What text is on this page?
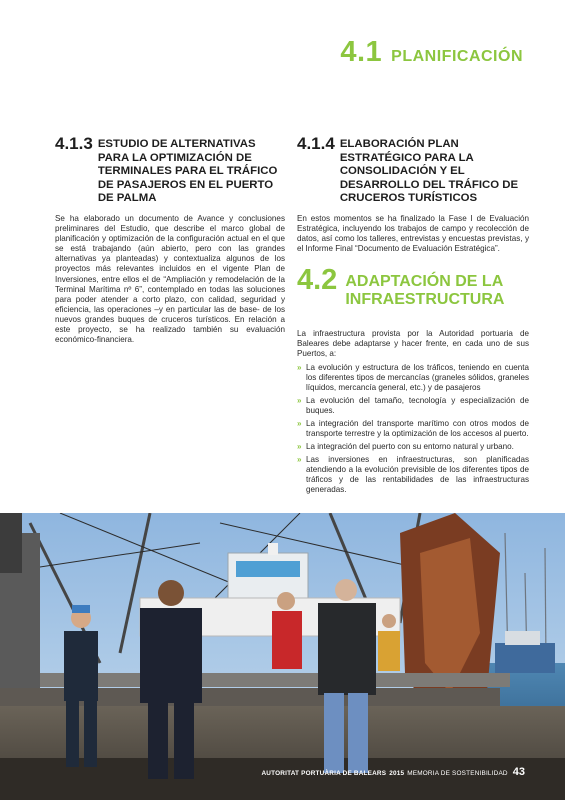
4.1 PLANIFICACIÓN
4.1.3 ESTUDIO DE ALTERNATIVAS PARA LA OPTIMIZACIÓN DE TERMINALES PARA EL TRÁFICO DE PASAJEROS EN EL PUERTO DE PALMA

Se ha elaborado un documento de Avance y conclusiones preliminares del Estudio, que describe el marco global de planificación y optimización de la configuración actual en el que se está trabajando (aún abierto, pero con las grandes alternativas ya planteadas) y contextualiza algunos de los proyectos más relevantes incluidos en el vigente Plan de Inversiones, entre ellos el de “Ampliación y remodelación de la Terminal Marítima nº 6”, contemplado en todas las soluciones para poder atender a corto plazo, con calidad, seguridad y eficiencia, las operaciones –y en particular las de base- de los nuevos grandes buques de cruceros turísticos. En relación a este proyecto, se ha realizado también su evaluación económico-financiera.

4.1.4 ELABORACIÓN PLAN ESTRATÉGICO PARA LA CONSOLIDACIÓN Y EL DESARROLLO DEL TRÁFICO DE CRUCEROS TURÍSTICOS

En estos momentos se ha finalizado la Fase I de Evaluación Estratégica, incluyendo los trabajos de campo y recolección de datos, así como los talleres, entrevistas y encuestas previstas, y el Informe Final “Documento de Evaluación Estratégica”.

4.2 ADAPTACIÓN DE LA INFRAESTRUCTURA

La infraestructura provista por la Autoridad portuaria de Baleares debe adaptarse y hacer frente, en cada uno de sus Puertos, a:

» La evolución y estructura de los tráficos, teniendo en cuenta los diferentes tipos de mercancías (graneles sólidos, graneles líquidos, mercancía general, etc.) y de pasajeros
» La evolución del tamaño, tecnología y especialización de buques.
» La integración del transporte marítimo con otros modos de transporte terrestre y la optimización de los accesos al puerto.
» La integración del puerto con su entorno natural y urbano.
» Las inversiones en infraestructuras, son planificadas atendiendo a la evolución previsible de los diferentes tipos de tráficos y de las rentabilidades de las infraestructuras generadas.
AUTORITAT PORTUÀRIA DE BALEARS 2015 MEMORIA DE SOSTENIBILIDAD 43
